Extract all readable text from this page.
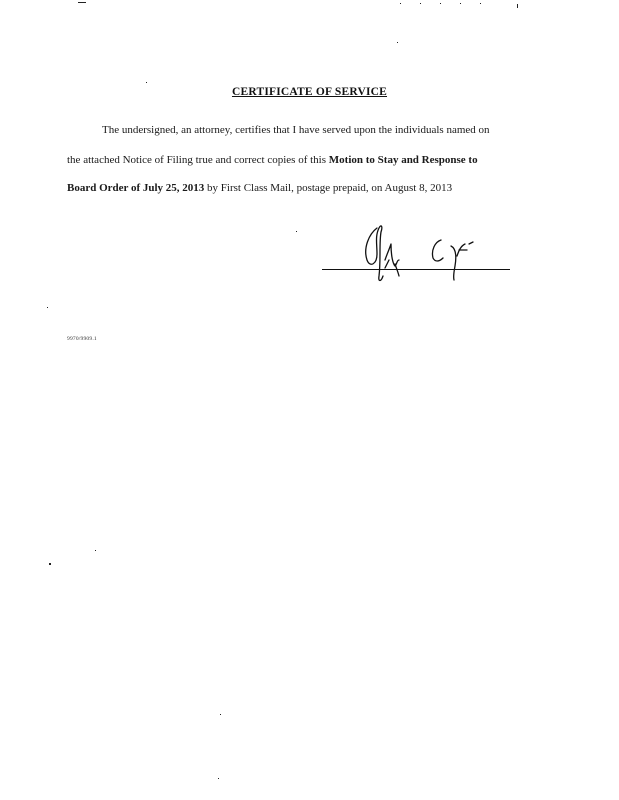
CERTIFICATE OF SERVICE
The undersigned, an attorney, certifies that I have served upon the individuals named on
the attached Notice of Filing true and correct copies of this Motion to Stay and Response to
Board Order of July 25, 2013 by First Class Mail, postage prepaid, on August 8, 2013
9970/9909.1
